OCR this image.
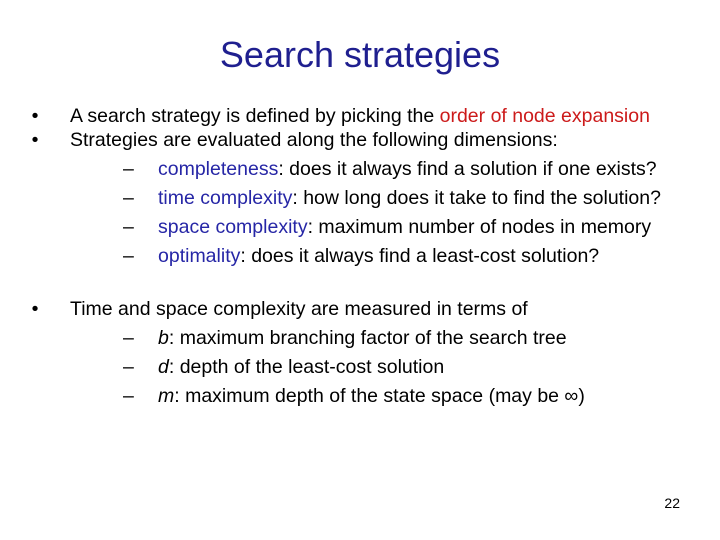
Search strategies
• A search strategy is defined by picking the order of node expansion
• Strategies are evaluated along the following dimensions:
– completeness: does it always find a solution if one exists?
– time complexity: how long does it take to find the solution?
– space complexity: maximum number of nodes in memory
– optimality: does it always find a least-cost solution?
• Time and space complexity are measured in terms of
– b: maximum branching factor of the search tree
– d: depth of the least-cost solution
– m: maximum depth of the state space (may be ∞)
22
